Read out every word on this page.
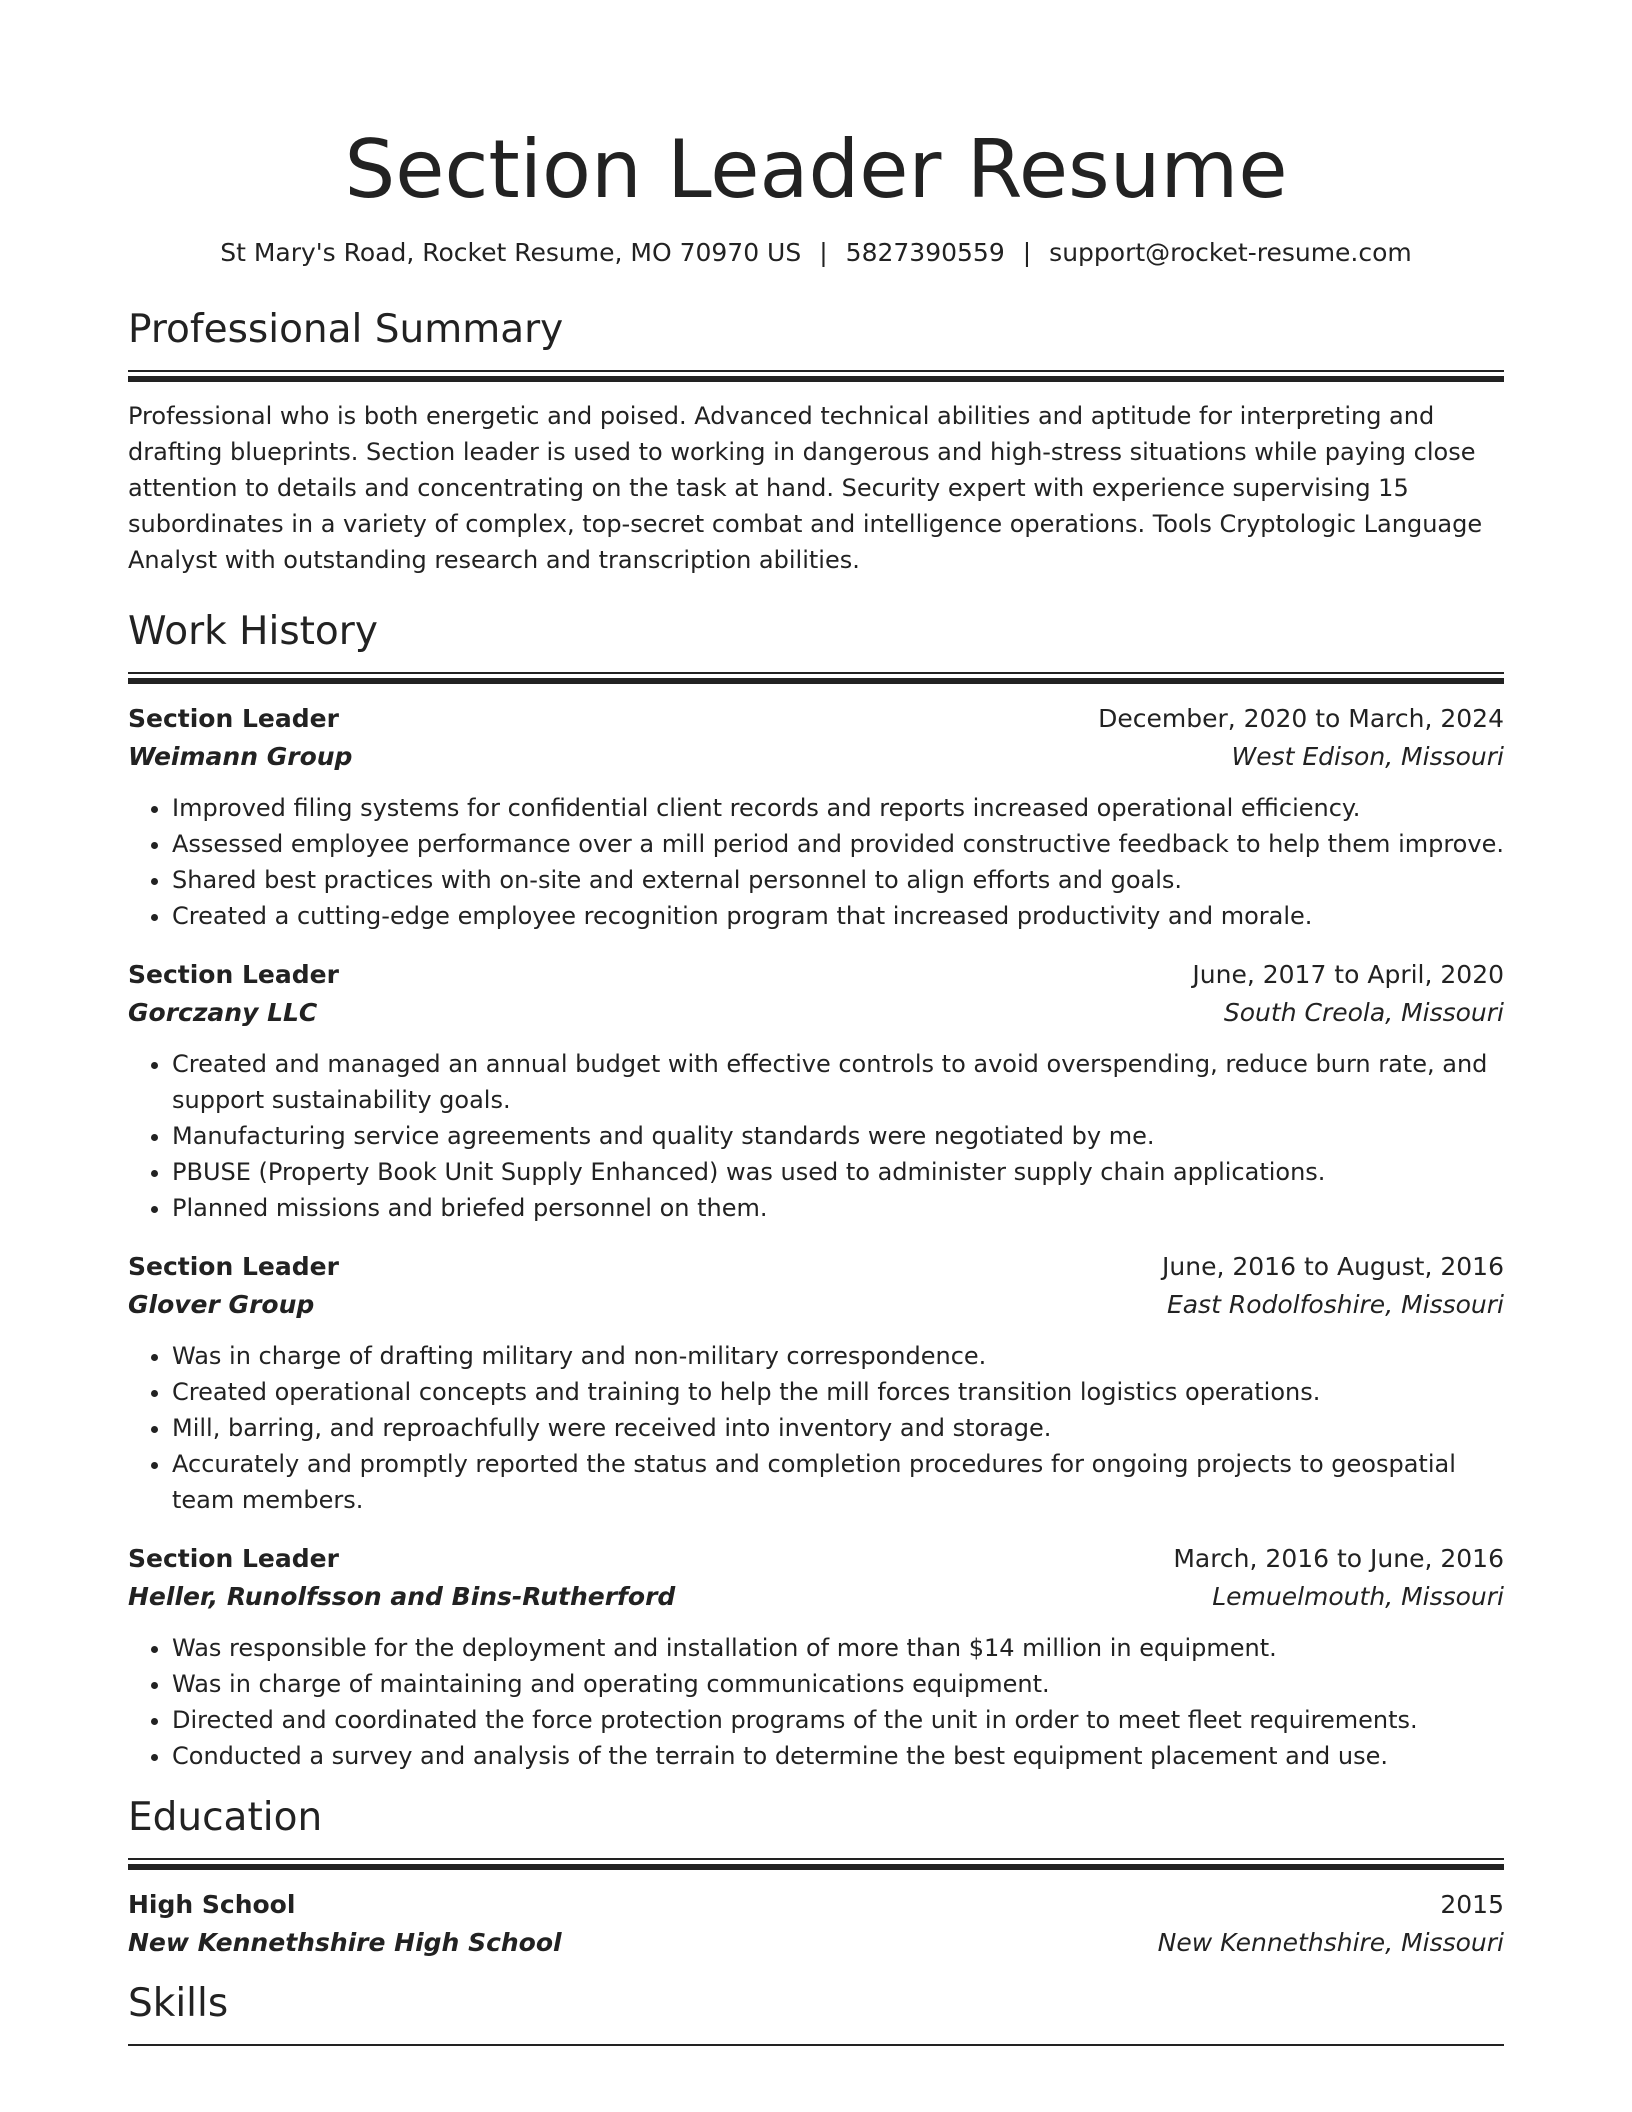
Section Leader Resume
St Mary's Road, Rocket Resume, MO 70970 US | 5827390559 | support@rocket-resume.com
Professional Summary

Professional who is both energetic and poised. Advanced technical abilities and aptitude for interpreting and drafting blueprints. Section leader is used to working in dangerous and high-stress situations while paying close attention to details and concentrating on the task at hand. Security expert with experience supervising 15 subordinates in a variety of complex, top-secret combat and intelligence operations. Tools Cryptologic Language Analyst with outstanding research and transcription abilities.

Work History
Section Leader	December, 2020 to March, 2024
Weimann Group	West Edison, Missouri
• Improved filing systems for confidential client records and reports increased operational efficiency.
• Assessed employee performance over a mill period and provided constructive feedback to help them improve.
• Shared best practices with on-site and external personnel to align efforts and goals.
• Created a cutting-edge employee recognition program that increased productivity and morale.
Section Leader	June, 2017 to April, 2020
Gorczany LLC	South Creola, Missouri
• Created and managed an annual budget with effective controls to avoid overspending, reduce burn rate, and support sustainability goals.
• Manufacturing service agreements and quality standards were negotiated by me.
• PBUSE (Property Book Unit Supply Enhanced) was used to administer supply chain applications.
• Planned missions and briefed personnel on them.
Section Leader	June, 2016 to August, 2016
Glover Group	East Rodolfoshire, Missouri
• Was in charge of drafting military and non-military correspondence.
• Created operational concepts and training to help the mill forces transition logistics operations.
• Mill, barring, and reproachfully were received into inventory and storage.
• Accurately and promptly reported the status and completion procedures for ongoing projects to geospatial team members.
Section Leader	March, 2016 to June, 2016
Heller, Runolfsson and Bins-Rutherford	Lemuelmouth, Missouri
• Was responsible for the deployment and installation of more than $14 million in equipment.
• Was in charge of maintaining and operating communications equipment.
• Directed and coordinated the force protection programs of the unit in order to meet fleet requirements.
• Conducted a survey and analysis of the terrain to determine the best equipment placement and use.
Education
High School	2015
New Kennethshire High School	New Kennethshire, Missouri
Skills
